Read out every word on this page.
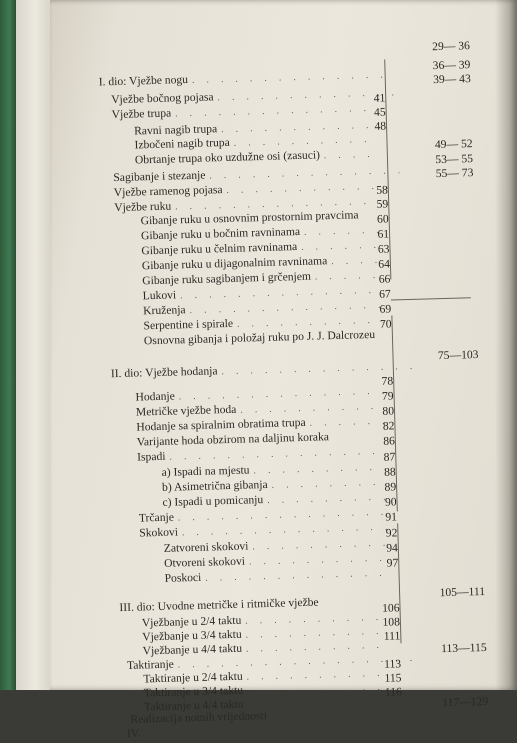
29— 36
I. dio: Vježbe nogu
. . .
36— 39
Vježbe bočnog pojasa
. . .
39— 43
Vježbe trupa
. . .
41
Ravni nagib trupa
. . .
45
Izbočeni nagib trupa
. . .
48
Obrtanje trupa oko uzdužne osi (zasuci)
. . .
49— 52
Sagibanje i stezanje
. . .
53— 55
Vježbe ramenog pojasa
. . .
55— 73
Vježbe ruku
. . .
58
Gibanje ruku u osnovnim prostornim pravcima
59
Gibanje ruku u bočnim ravninama
. . .
60
Gibanje ruku u čelnim ravninama
. . .
61
Gibanje ruku u dijagonalnim ravninama
. . .
63
Gibanje ruku sagibanjem i grčenjem
. . .
64
Lukovi
. . .
66
Kruženja
. . .
67
Serpentine i spirale
. . .
69
Osnovna gibanja i položaj ruku po J. J. Dalcrozeu
70
II. dio: Vježbe hodanja
. . .
75—103
Hodanje
. . .
78
Metričke vježbe hoda
. . .
79
Hodanje sa spiralnim obratima trupa
. . .
80
Varijante hoda obzirom na daljinu koraka
82
Ispadi
. . .
86
a) Ispadi na mjestu
. . .
87
b) Asimetrična gibanja
. . .
88
c) Ispadi u pomicanju
. . .
89
Trčanje
. . .
90
Skokovi
. . .
91
Zatvoreni skokovi
. . .
92
Otvoreni skokovi
. . .
94
Poskoci
. . .
97
III. dio: Uvodne metričke i ritmičke vježbe
105—111
Vježbanje u 2/4 taktu
. . .
106
Vježbanje u 3/4 taktu
. . .
108
Vježbanje u 4/4 taktu
. . .
111
Taktiranje
. . .
113—115
Taktiranje u 2/4 taktu
. . .
113
Taktiranje u 3/4 taktu
. . .
115
Taktiranje u 4/4 taktu
. . .
116
Realizacija notnih vrijednosti
. . .
117—129
IV.
